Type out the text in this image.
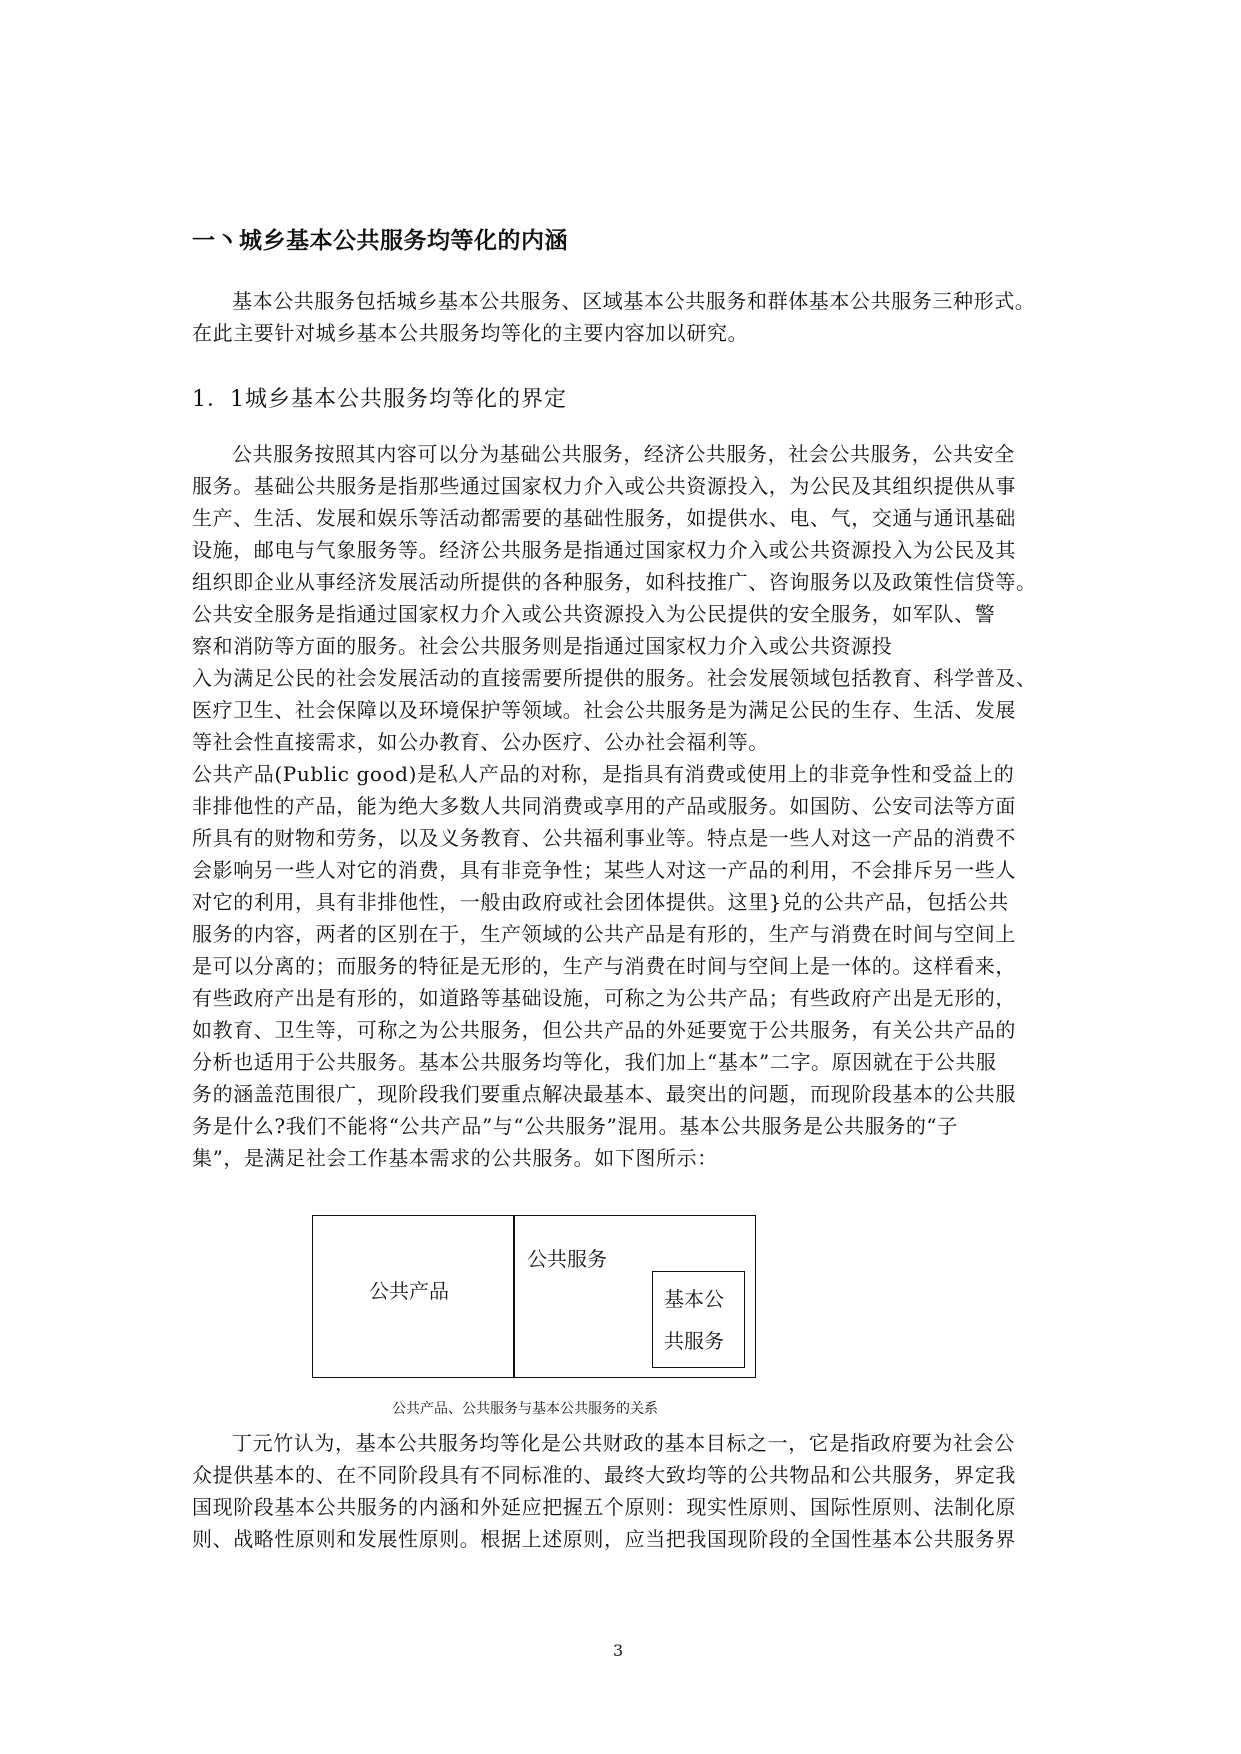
一丶城乡基本公共服务均等化的内涵
基本公共服务包括城乡基本公共服务、区域基本公共服务和群体基本公共服务三种形式。
在此主要针对城乡基本公共服务均等化的主要内容加以研究。
1．1城乡基本公共服务均等化的界定
公共服务按照其内容可以分为基础公共服务，经济公共服务，社会公共服务，公共安全
服务。基础公共服务是指那些通过国家权力介入或公共资源投入，为公民及其组织提供从事
生产、生活、发展和娱乐等活动都需要的基础性服务，如提供水、电、气，交通与通讯基础
设施，邮电与气象服务等。经济公共服务是指通过国家权力介入或公共资源投入为公民及其
组织即企业从事经济发展活动所提供的各种服务，如科技推广、咨询服务以及政策性信贷等。
公共安全服务是指通过国家权力介入或公共资源投入为公民提供的安全服务，如军队、警
察和消防等方面的服务。社会公共服务则是指通过国家权力介入或公共资源投
入为满足公民的社会发展活动的直接需要所提供的服务。社会发展领域包括教育、科学普及、
医疗卫生、社会保障以及环境保护等领域。社会公共服务是为满足公民的生存、生活、发展
等社会性直接需求，如公办教育、公办医疗、公办社会福利等。
公共产品(Public good)是私人产品的对称，是指具有消费或使用上的非竞争性和受益上的
非排他性的产品，能为绝大多数人共同消费或享用的产品或服务。如国防、公安司法等方面
所具有的财物和劳务，以及义务教育、公共福利事业等。特点是一些人对这一产品的消费不
会影响另一些人对它的消费，具有非竞争性；某些人对这一产品的利用，不会排斥另一些人
对它的利用，具有非排他性，一般由政府或社会团体提供。这里}兑的公共产品，包括公共
服务的内容，两者的区别在于，生产领域的公共产品是有形的，生产与消费在时间与空间上
是可以分离的；而服务的特征是无形的，生产与消费在时间与空间上是一体的。这样看来，
有些政府产出是有形的，如道路等基础设施，可称之为公共产品；有些政府产出是无形的，
如教育、卫生等，可称之为公共服务，但公共产品的外延要宽于公共服务，有关公共产品的
分析也适用于公共服务。基本公共服务均等化，我们加上“基本”二字。原因就在于公共服
务的涵盖范围很广，现阶段我们要重点解决最基本、最突出的问题，而现阶段基本的公共服
务是什么?我们不能将“公共产品”与“公共服务”混用。基本公共服务是公共服务的“子
集”，是满足社会工作基本需求的公共服务。如下图所示：
公共产品
公共服务
基本公
共服务
公共产品、公共服务与基本公共服务的关系
丁元竹认为，基本公共服务均等化是公共财政的基本目标之一，它是指政府要为社会公
众提供基本的、在不同阶段具有不同标准的、最终大致均等的公共物品和公共服务，界定我
国现阶段基本公共服务的内涵和外延应把握五个原则：现实性原则、国际性原则、法制化原
则、战略性原则和发展性原则。根据上述原则，应当把我国现阶段的全国性基本公共服务界
3
